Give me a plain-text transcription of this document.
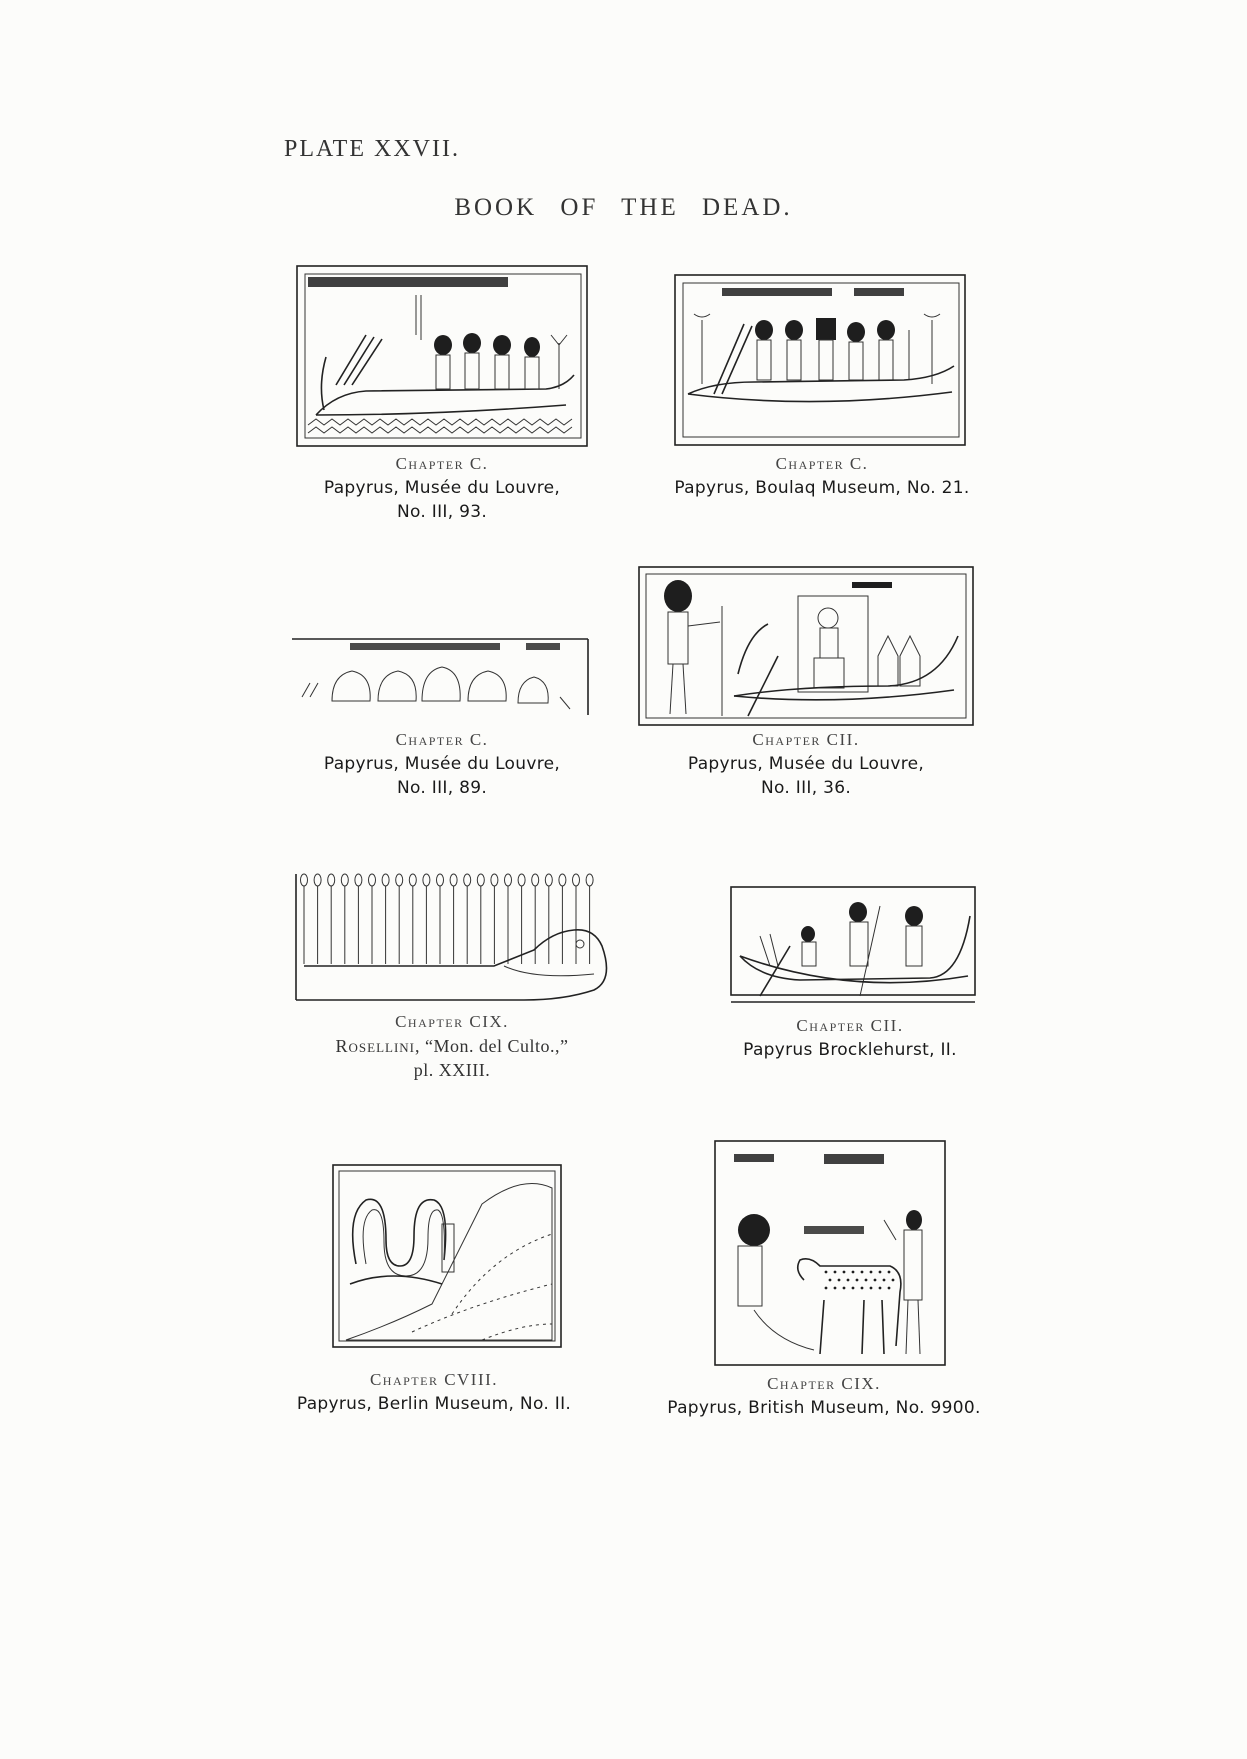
PLATE XXVII.
BOOK OF THE DEAD.
Chapter C.
Papyrus, Musée du Louvre,
No. III, 93.
Chapter C.
Papyrus, Boulaq Museum, No. 21.
Chapter C.
Papyrus, Musée du Louvre,
No. III, 89.
Chapter CII.
Papyrus, Musée du Louvre,
No. III, 36.
Chapter CIX.
Rosellini, “Mon. del Culto.,”
pl. XXIII.
Chapter CII.
Papyrus Brocklehurst, II.
Chapter CVIII.
Papyrus, Berlin Museum, No. II.
Chapter CIX.
Papyrus, British Museum, No. 9900.
